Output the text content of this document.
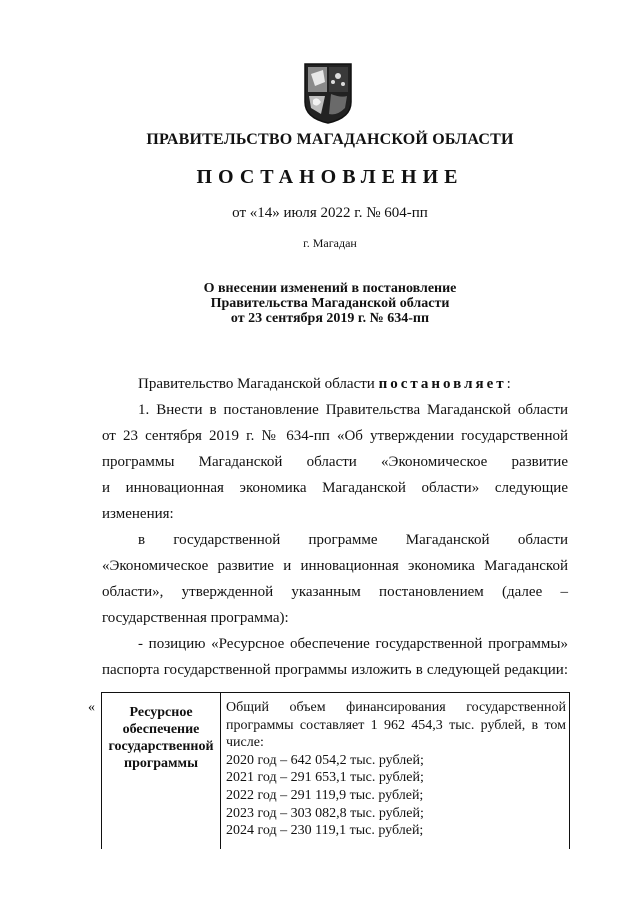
ПРАВИТЕЛЬСТВО МАГАДАНСКОЙ ОБЛАСТИ
ПОСТАНОВЛЕНИЕ
от «14» июля 2022 г. № 604-пп
г. Магадан
О внесении изменений в постановление
Правительства Магаданской области
от 23 сентября 2019 г. № 634-пп
Правительство Магаданской области постановляет:
1. Внести в постановление Правительства Магаданской области
от 23 сентября 2019 г. № 634-пп «Об утверждении государственной
программы Магаданской области «Экономическое развитие
и инновационная экономика Магаданской области» следующие
изменения:
в государственной программе Магаданской области
«Экономическое развитие и инновационная экономика Магаданской
области», утвержденной указанным постановлением (далее –
государственная программа):
- позицию «Ресурсное обеспечение государственной программы»
паспорта государственной программы изложить в следующей редакции:
«	Ресурсное
обеспечение
государственной
программы
Общий объем финансирования государственной
программы составляет 1 962 454,3 тыс. рублей, в том
числе:
2020 год – 642 054,2 тыс. рублей;
2021 год – 291 653,1 тыс. рублей;
2022 год – 291 119,9 тыс. рублей;
2023 год – 303 082,8 тыс. рублей;
2024 год – 230 119,1 тыс. рублей;
